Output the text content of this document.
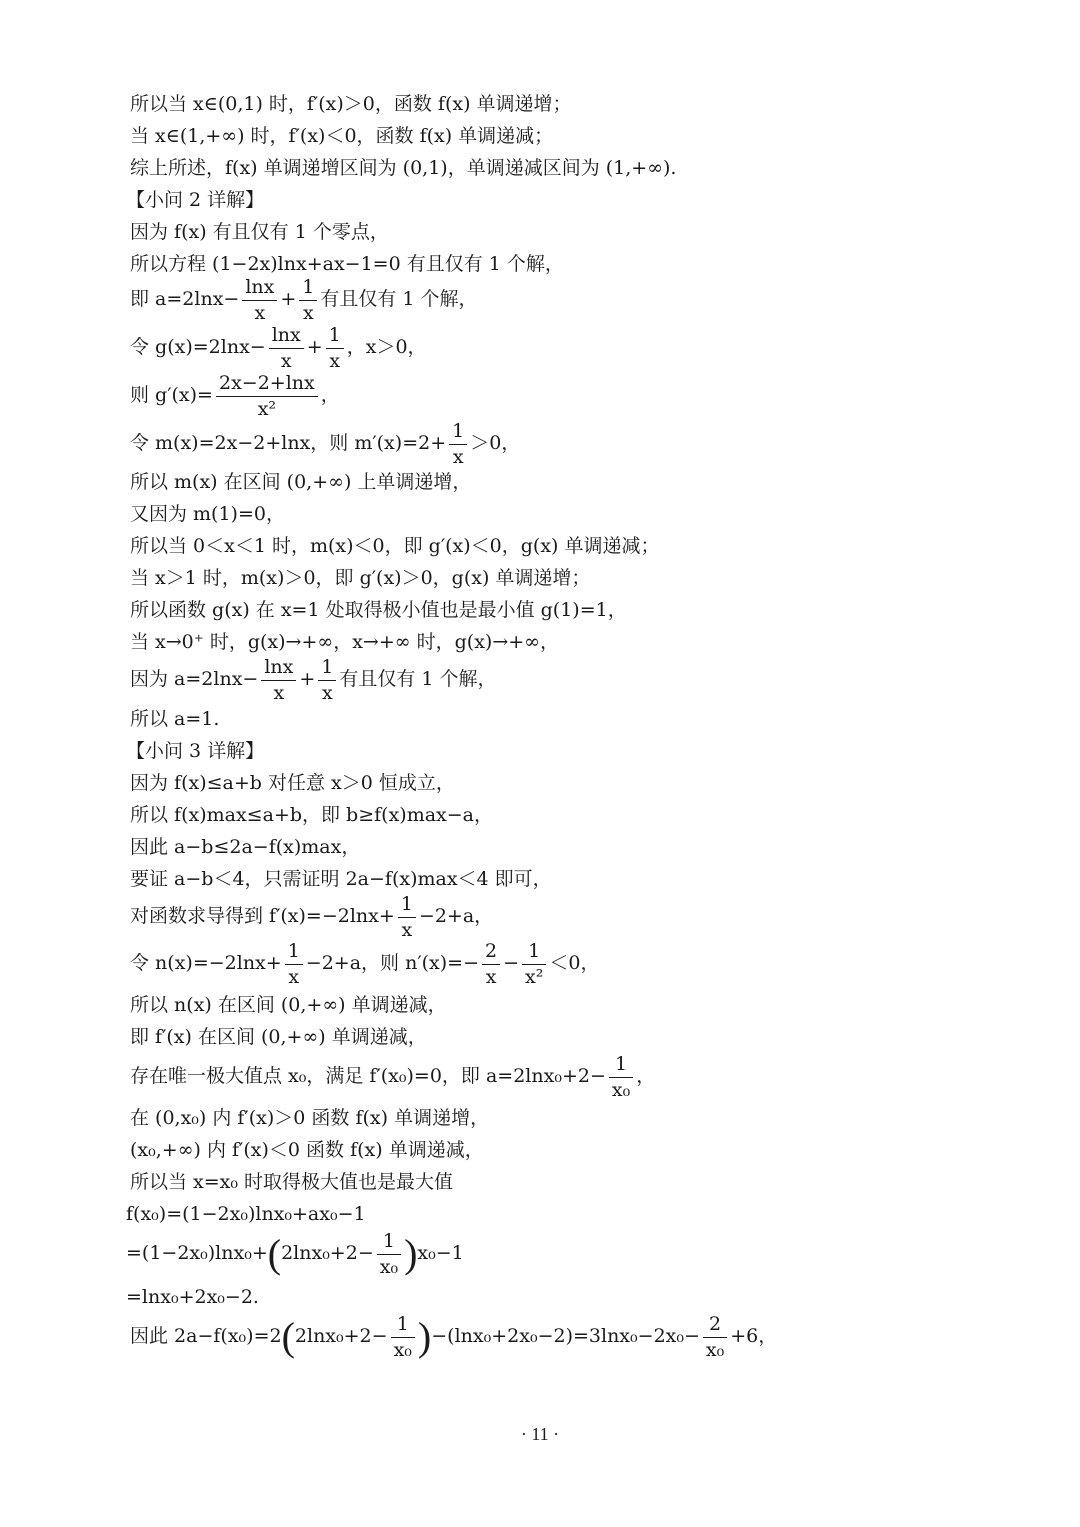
所以当 x∈(0,1) 时，f′(x)＞0，函数 f(x) 单调递增；
当 x∈(1,+∞) 时，f′(x)＜0，函数 f(x) 单调递减；
综上所述，f(x) 单调递增区间为 (0,1)，单调递减区间为 (1,+∞).
【小问 2 详解】
因为 f(x) 有且仅有 1 个零点，
所以方程 (1−2x)lnx+ax−1=0 有且仅有 1 个解，
即 $a=2\ln x- \frac{\ln x}{x} + \frac{1}{x}$ 有且仅有 1 个解，
令 $g(x)=2\ln x- \frac{\ln x}{x} + \frac{1}{x}$ ，x＞0，
则 $g'(x)= \frac{2x-2+\ln x}{\text{x²}}$ ，
令 m(x)=2x−2+lnx，则 $m'(x)=2+ \frac{1}{x} >0$，
所以 m(x) 在区间 (0,+∞) 上单调递增，
又因为 m(1)=0，
所以当 0＜x＜1 时，m(x)＜0，即 g′(x)＜0，g(x) 单调递减；
当 x＞1 时，m(x)＞0，即 g′(x)＞0，g(x) 单调递增；
所以函数 g(x) 在 x=1 处取得极小值也是最小值 g(1)=1，
当 x→0⁺ 时，g(x)→+∞，x→+∞ 时，g(x)→+∞，
因为 $a=2\ln x- \frac{\ln x}{x} + \frac{1}{x}$ 有且仅有 1 个解，
所以 a=1.
【小问 3 详解】
因为 f(x)≤a+b 对任意 x＞0 恒成立，
所以 f(x)max≤a+b，即 b≥f(x)max−a，
因此 a−b≤2a−f(x)max，
要证 a−b＜4，只需证明 2a−f(x)max＜4 即可，
对函数求导得到 $f'(x)=-2\ln x+ \frac{1}{x} -2+a$，
令 $n(x)=-2\ln x+ \frac{1}{x} -2+a$，则 $n'(x)=- \frac{2}{x} - \frac{1}{\text{x²}} <0$，
所以 n(x) 在区间 (0,+∞) 单调递减，
即 f′(x) 在区间 (0,+∞) 单调递减，
存在唯一极大值点 x₀，满足 f′(x₀)=0，即 $a=2\ln x_0+2- \frac{1}{\text{x₀}}$ ，
在 (0,x₀) 内 f′(x)＞0 函数 f(x) 单调递增，
(x₀,+∞) 内 f′(x)＜0 函数 f(x) 单调递减，
所以当 x=x₀ 时取得极大值也是最大值
f(x₀)=(1−2x₀)lnx₀+ax₀−1
$=(1-2x_0)\ln x_0+(2\ln x_0+2- \frac{1}{\text{x₀}} )x_0-1$
=lnx₀+2x₀−2.
因此 $2a-f(x_0)=2(2\ln x_0+2- \frac{1}{\text{x₀}} )-(\ln x_0+2x_0-2)=3\ln x_0-2x_0- \frac{2}{\text{x₀}} +6$，
· 11 ·
